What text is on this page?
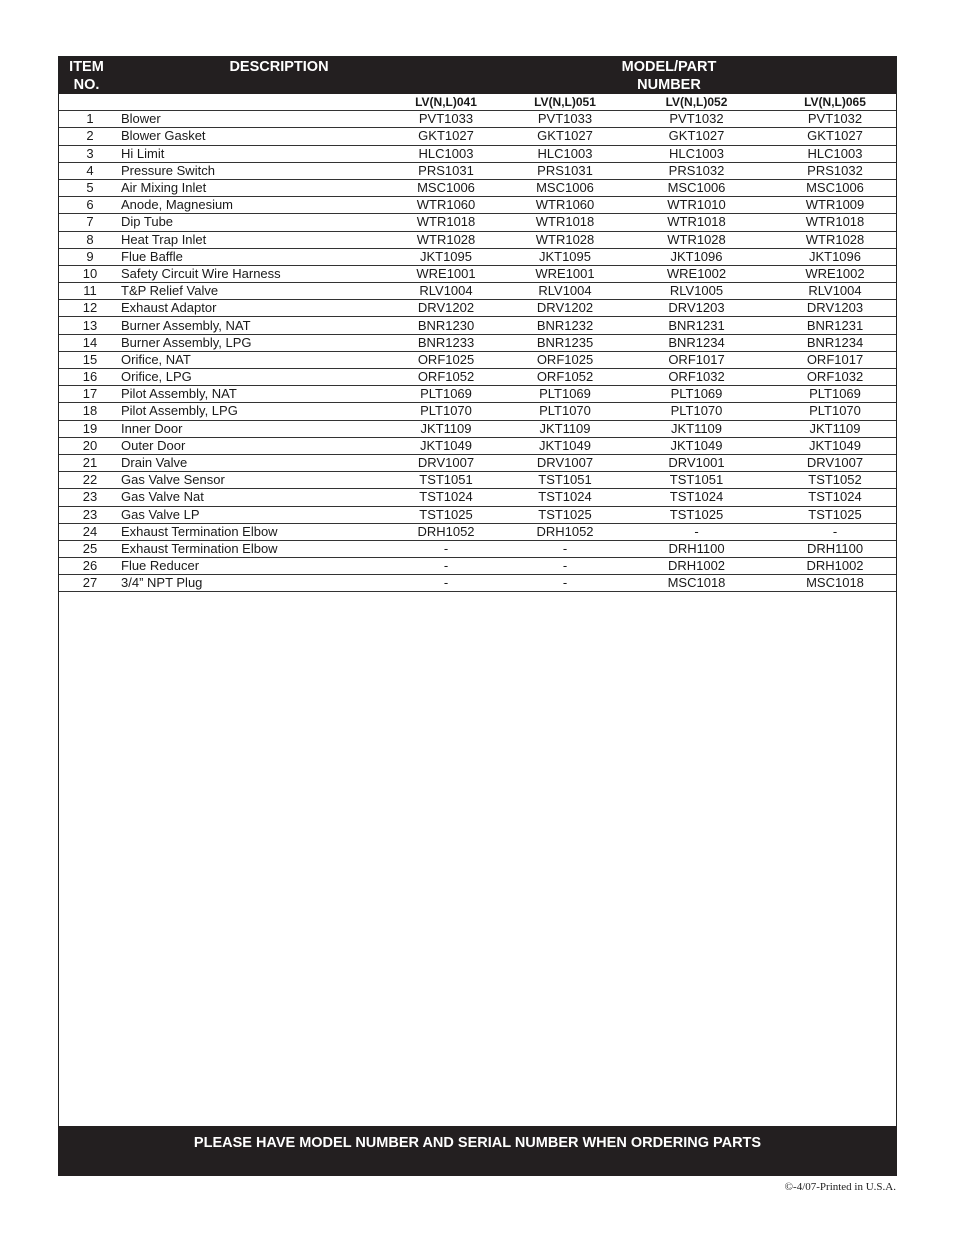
ITEM
NO.
DESCRIPTION	MODEL/PART
NUMBER
		LV(N,L)041	LV(N,L)051	LV(N,L)052	LV(N,L)065
1	Blower	PVT1033	PVT1033	PVT1032	PVT1032
2	Blower Gasket	GKT1027	GKT1027	GKT1027	GKT1027
3	Hi Limit	HLC1003	HLC1003	HLC1003	HLC1003
4	Pressure Switch	PRS1031	PRS1031	PRS1032	PRS1032
5	Air Mixing Inlet	MSC1006	MSC1006	MSC1006	MSC1006
6	Anode, Magnesium	WTR1060	WTR1060	WTR1010	WTR1009
7	Dip Tube	WTR1018	WTR1018	WTR1018	WTR1018
8	Heat Trap Inlet	WTR1028	WTR1028	WTR1028	WTR1028
9	Flue Baffle	JKT1095	JKT1095	JKT1096	JKT1096
10	Safety Circuit Wire Harness	WRE1001	WRE1001	WRE1002	WRE1002
11	T&P Relief Valve	RLV1004	RLV1004	RLV1005	RLV1004
12	Exhaust Adaptor	DRV1202	DRV1202	DRV1203	DRV1203
13	Burner Assembly, NAT	BNR1230	BNR1232	BNR1231	BNR1231
14	Burner Assembly, LPG	BNR1233	BNR1235	BNR1234	BNR1234
15	Orifice, NAT	ORF1025	ORF1025	ORF1017	ORF1017
16	Orifice, LPG	ORF1052	ORF1052	ORF1032	ORF1032
17	Pilot Assembly, NAT	PLT1069	PLT1069	PLT1069	PLT1069
18	Pilot Assembly, LPG	PLT1070	PLT1070	PLT1070	PLT1070
19	Inner Door	JKT1109	JKT1109	JKT1109	JKT1109
20	Outer Door	JKT1049	JKT1049	JKT1049	JKT1049
21	Drain Valve	DRV1007	DRV1007	DRV1001	DRV1007
22	Gas Valve Sensor	TST1051	TST1051	TST1051	TST1052
23	Gas Valve Nat	TST1024	TST1024	TST1024	TST1024
23	Gas Valve LP	TST1025	TST1025	TST1025	TST1025
24	Exhaust Termination Elbow	DRH1052	DRH1052	-	-
25	Exhaust Termination Elbow	-	-	DRH1100	DRH1100
26	Flue Reducer	-	-	DRH1002	DRH1002
27	3/4” NPT Plug	-	-	MSC1018	MSC1018
PLEASE HAVE MODEL NUMBER AND SERIAL NUMBER WHEN ORDERING PARTS
©-4/07-Printed in U.S.A.
